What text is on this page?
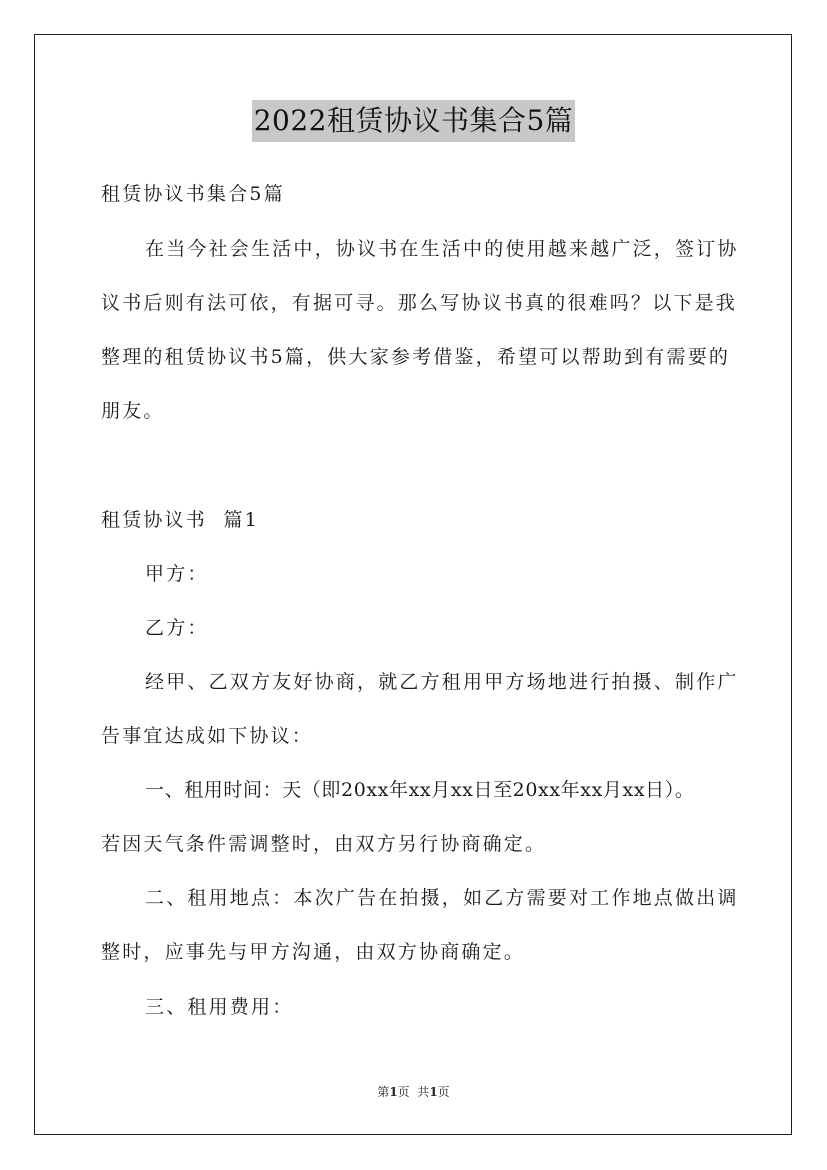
2022租赁协议书集合5篇
租赁协议书集合5篇
在当今社会生活中，协议书在生活中的使用越来越广泛，签订协
议书后则有法可依，有据可寻。那么写协议书真的很难吗？以下是我
整理的租赁协议书5篇，供大家参考借鉴，希望可以帮助到有需要的
朋友。
租赁协议书  篇1
甲方：
乙方：
经甲、乙双方友好协商，就乙方租用甲方场地进行拍摄、制作广
告事宜达成如下协议：
一、租用时间：天（即20xx年xx月xx日至20xx年xx月xx日）。
若因天气条件需调整时，由双方另行协商确定。
二、租用地点：本次广告在拍摄，如乙方需要对工作地点做出调
整时，应事先与甲方沟通，由双方协商确定。
三、租用费用：
第1页  共1页
